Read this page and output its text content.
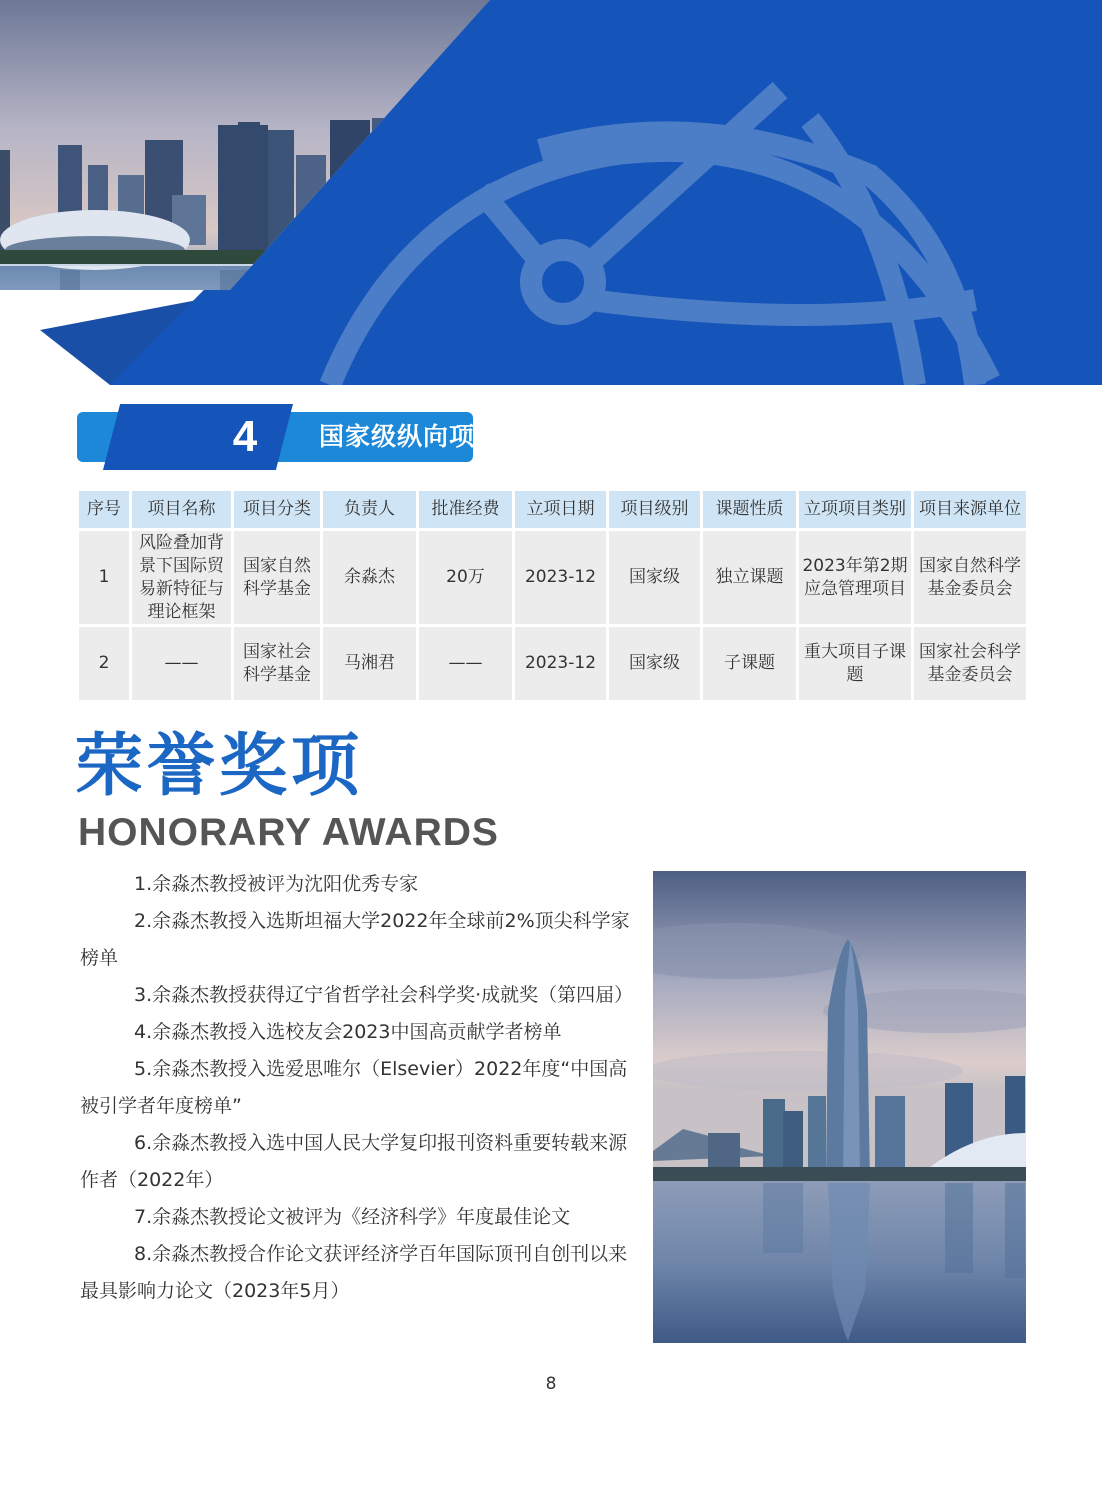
4	国家级纵向项目
序号	项目名称	项目分类	负责人	批准经费	立项日期	项目级别	课题性质	立项项目类别	项目来源单位
1	风险叠加背景下国际贸易新特征与理论框架	国家自然科学基金	余淼杰	20万	2023-12	国家级	独立课题	2023年第2期应急管理项目	国家自然科学基金委员会
2	——	国家社会科学基金	马湘君	——	2023-12	国家级	子课题	重大项目子课题	国家社会科学基金委员会
荣誉奖项
HONORARY AWARDS
1.余淼杰教授被评为沈阳优秀专家
2.余淼杰教授入选斯坦福大学2022年全球前2%顶尖科学家榜单
3.余淼杰教授获得辽宁省哲学社会科学奖·成就奖（第四届）
4.余淼杰教授入选校友会2023中国高贡献学者榜单
5.余淼杰教授入选爱思唯尔（Elsevier）2022年度“中国高被引学者年度榜单”
6.余淼杰教授入选中国人民大学复印报刊资料重要转载来源作者（2022年）
7.余淼杰教授论文被评为《经济科学》年度最佳论文
8.余淼杰教授合作论文获评经济学百年国际顶刊自创刊以来最具影响力论文（2023年5月）
8
